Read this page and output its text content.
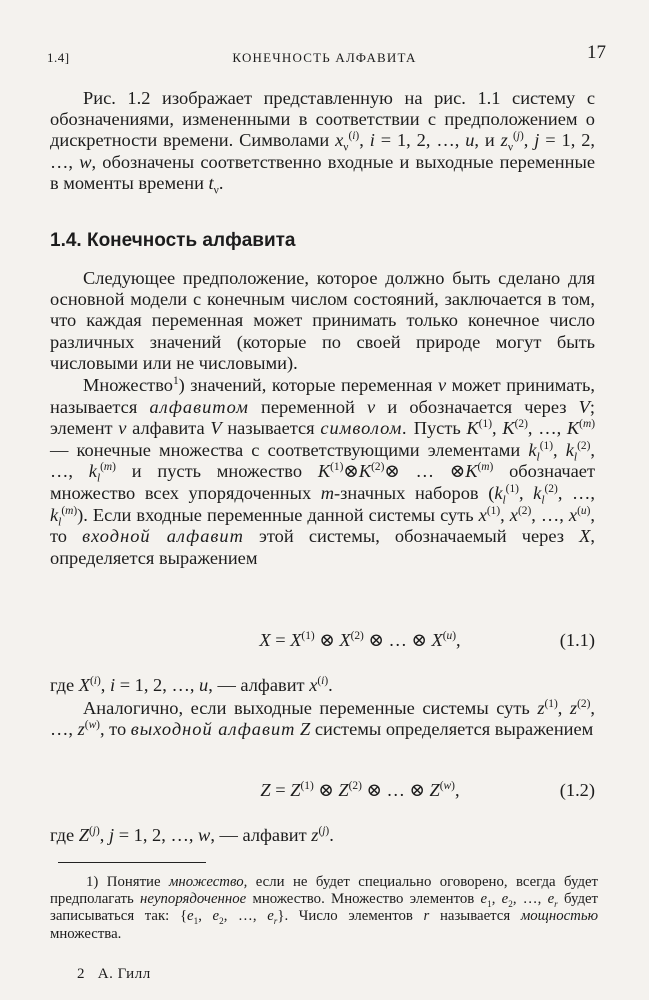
1.4]	КОНЕЧНОСТЬ АЛФАВИТА	17

Рис. 1.2 изображает представленную на рис. 1.1 систему с обозначениями, измененными в соответствии с предположением о дискретности времени. Символами $x_\nu^{(i)}$, i = 1, 2, …, u, и $z_\nu^{(j)}$, j = 1, 2, …, w, обозначены соответственно входные и выходные переменные в моменты времени $t_\nu$.

1.4. Конечность алфавита

Следующее предположение, которое должно быть сделано для основной модели с конечным числом состояний, заключается в том, что каждая переменная может принимать только конечное число различных значений (которые по своей природе могут быть числовыми или не числовыми).

Множество$^1$) значений, которые переменная v может принимать, называется алфавитом переменной v и обозначается через V; элемент v алфавита V называется символом. Пусть $K^{(1)}$, $K^{(2)}$, …, $K^{(m)}$ — конечные множества с соответствующими элементами $k_l^{(1)}$, $k_l^{(2)}$, …, $k_l^{(m)}$ и пусть множество $K^{(1)}\otimes K^{(2)}\otimes$ … $\otimes K^{(m)}$ обозначает множество всех упорядоченных m-значных наборов ($k_l^{(1)}$, $k_l^{(2)}$, …, $k_l^{(m)}$). Если входные переменные данной системы суть $x^{(1)}$, $x^{(2)}$, …, $x^{(u)}$, то входной алфавит этой системы, обозначаемый через X, определяется выражением

$X = X^{(1)}$ ⊗ $X^{(2)}$ ⊗ … ⊗ $X^{(u)}$,	(1.1)
где $X^{(i)}$, i = 1, 2, …, u, — алфавит $x^{(i)}$.

Аналогично, если выходные переменные системы суть $z^{(1)}$, $z^{(2)}$, …, $z^{(w)}$, то выходной алфавит Z системы определяется выражением

$Z = Z^{(1)}$ ⊗ $Z^{(2)}$ ⊗ … ⊗ $Z^{(w)}$,	(1.2)
где $Z^{(j)}$, j = 1, 2, …, w, — алфавит $z^{(j)}$.

1) Понятие множество, если не будет специально оговорено, всегда будет предполагать неупорядоченное множество. Множество элементов $e_1$, $e_2$, …, $e_r$ будет записываться так: {$e_1$, $e_2$, …, $e_r$}. Число элементов r называется мощностью множества.

2 А. Гилл
